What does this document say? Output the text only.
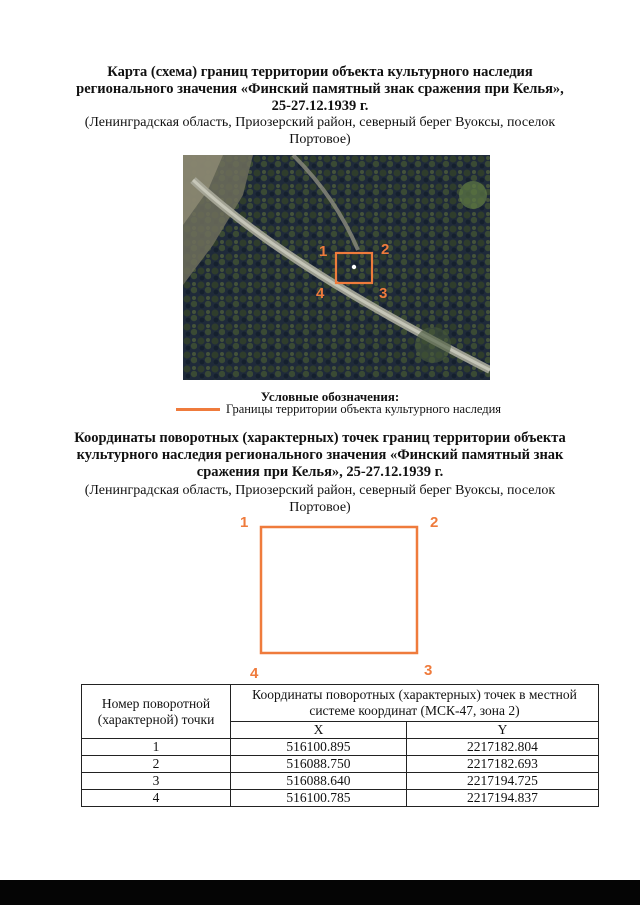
Карта (схема) границ территории объекта культурного наследия
регионального значения «Финский памятный знак сражения при Келья»,
25-27.12.1939 г.
(Ленинградская область, Приозерский район, северный берег Вуоксы, поселок
Портовое)
1	2
3
4
Условные обозначения:
Границы территории объекта культурного наследия
Координаты поворотных (характерных) точек границ территории объекта
культурного наследия регионального значения «Финский памятный знак
сражения при Келья», 25-27.12.1939 г.
(Ленинградская область, Приозерский район, северный берег Вуоксы, поселок
Портовое)
1	2
3
4
Номер поворотной (характерной) точки	Координаты поворотных (характерных) точек в местной системе координат (МСК-47, зона 2)	
	X	Y
1	516100.895	2217182.804
2	516088.750	2217182.693
3	516088.640	2217194.725
4	516100.785	2217194.837
